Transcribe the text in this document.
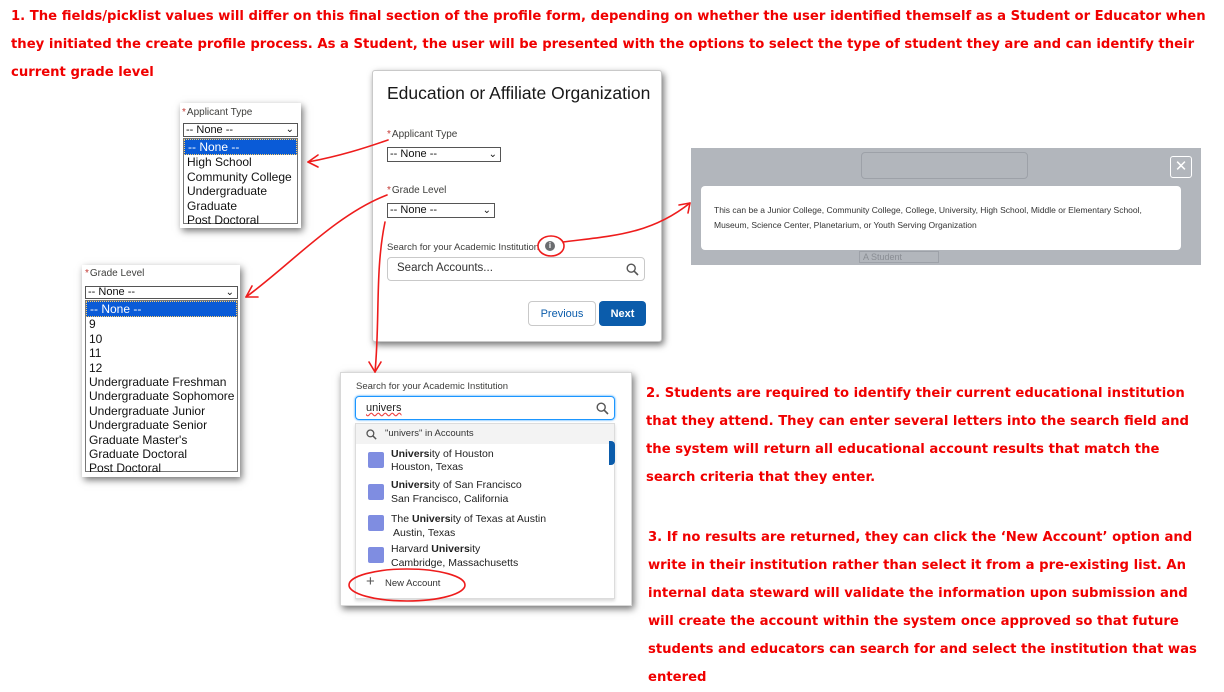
1. The fields/picklist values will differ on this final section of the profile form, depending on whether the user identified themself as a Student or Educator when they initiated the create profile process. As a Student, the user will be presented with the options to select the type of student they are and can identify their current grade level
2. Students are required to identify their current educational institution that they attend. They can enter several letters into the search field and the system will return all educational account results that match the search criteria that they enter.
3. If no results are returned, they can click the ‘New Account’ option and write in their institution rather than select it from a pre-existing list. An internal data steward will validate the information upon submission and will create the account within the system once approved so that future students and educators can search for and select the institution that was entered
*Applicant Type
-- None --	⌄
-- None --
High School
Community College
Undergraduate
Graduate
Post Doctoral
*Grade Level
-- None --	⌄
-- None --
9
10
11
12
Undergraduate Freshman
Undergraduate Sophomore
Undergraduate Junior
Undergraduate Senior
Graduate Master's
Graduate Doctoral
Post Doctoral
Education or Affiliate Organization
*Applicant Type
-- None --	⌄
*Grade Level
-- None --	⌄
Search for your Academic Institution	i
Search Accounts...
Previous	Next
✕
This can be a Junior College, Community College, College, University, High School, Middle or Elementary School, Museum, Science Center, Planetarium, or Youth Serving Organization
A Student
Search for your Academic Institution
univers
"univers" in Accounts
University of Houston
Houston, Texas
University of San Francisco
San Francisco, California
The University of Texas at Austin
Austin, Texas
Harvard University
Cambridge, Massachusetts
+ New Account
